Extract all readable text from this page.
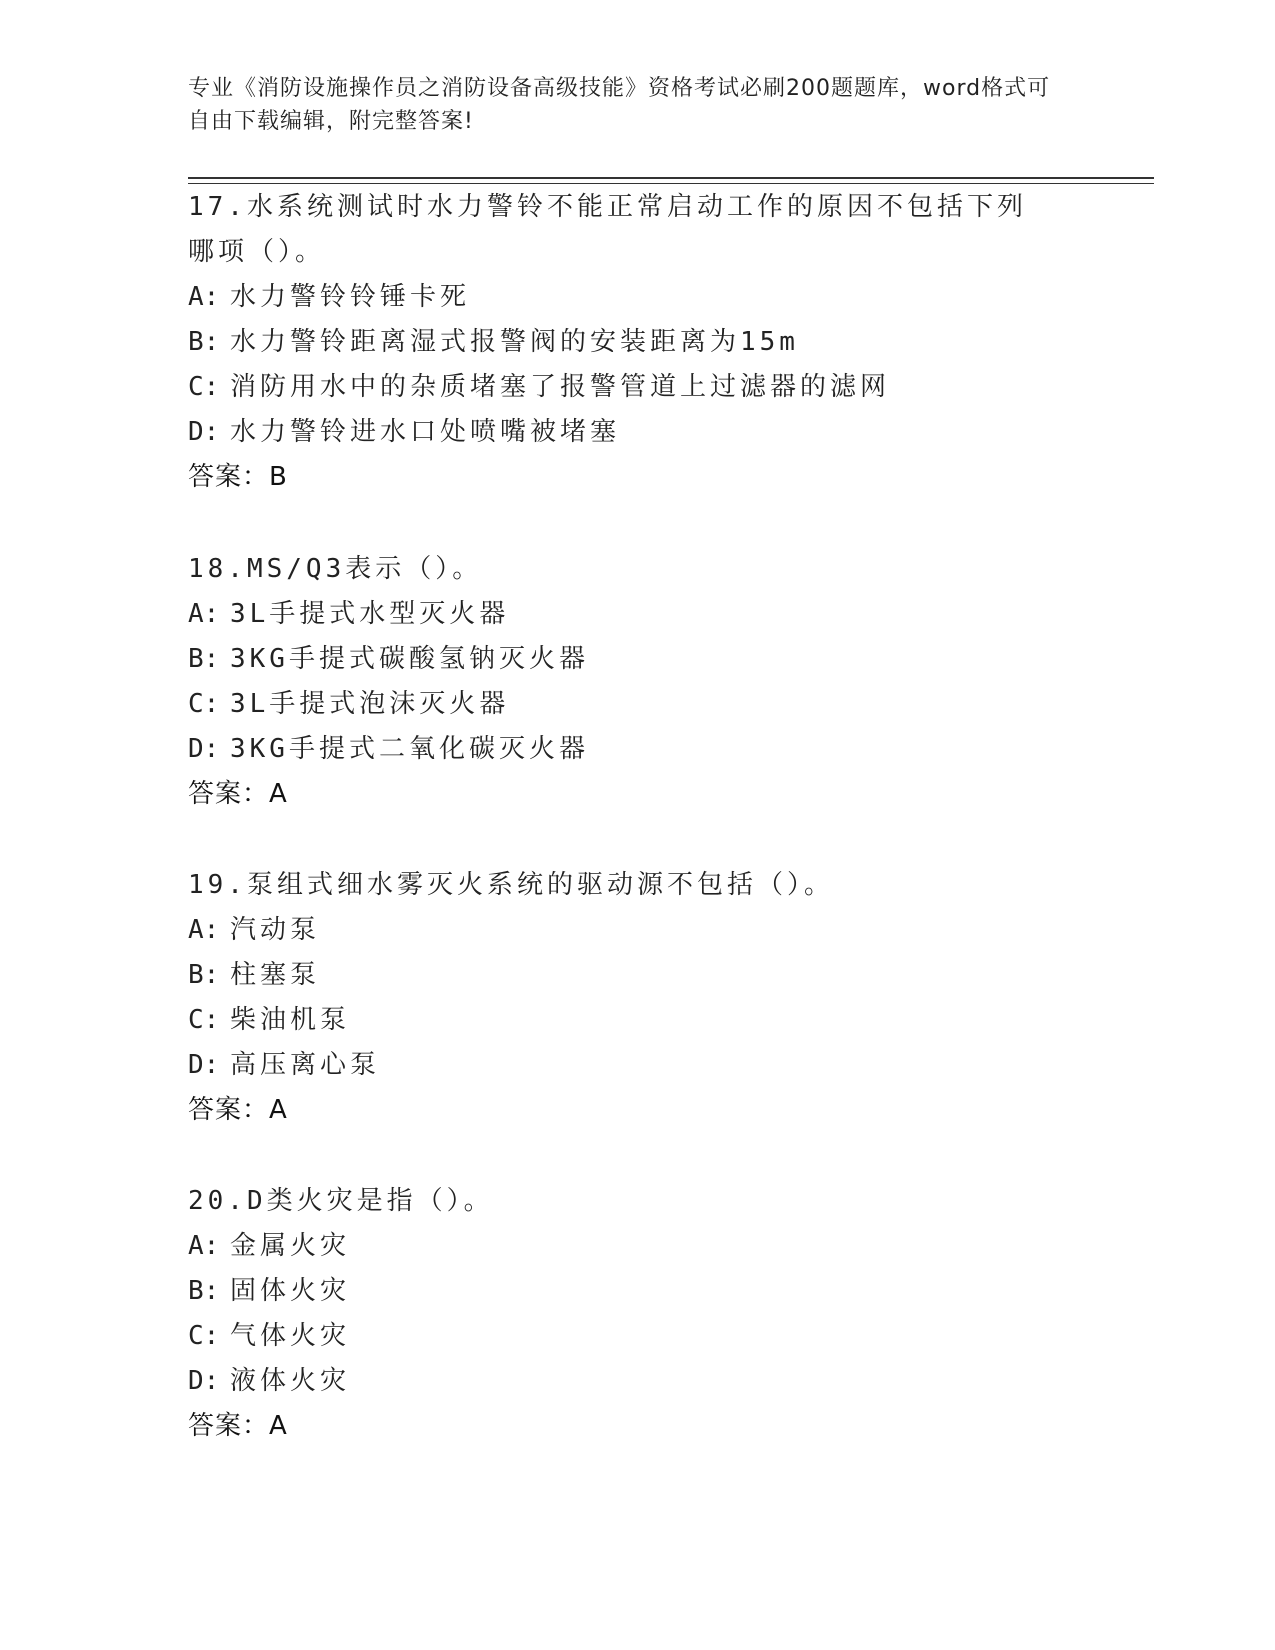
专业《消防设施操作员之消防设备高级技能》资格考试必刷200题题库，word格式可自由下载编辑，附完整答案!
17.水系统测试时水力警铃不能正常启动工作的原因不包括下列哪项（）。
A: 水力警铃铃锤卡死
B: 水力警铃距离湿式报警阀的安装距离为15m
C: 消防用水中的杂质堵塞了报警管道上过滤器的滤网
D: 水力警铃进水口处喷嘴被堵塞
答案：B
18.MS/Q3表示（）。
A: 3L手提式水型灭火器
B: 3KG手提式碳酸氢钠灭火器
C: 3L手提式泡沫灭火器
D: 3KG手提式二氧化碳灭火器
答案：A
19.泵组式细水雾灭火系统的驱动源不包括（）。
A: 汽动泵
B: 柱塞泵
C: 柴油机泵
D: 高压离心泵
答案：A
20.D类火灾是指（）。
A: 金属火灾
B: 固体火灾
C: 气体火灾
D: 液体火灾
答案：A
